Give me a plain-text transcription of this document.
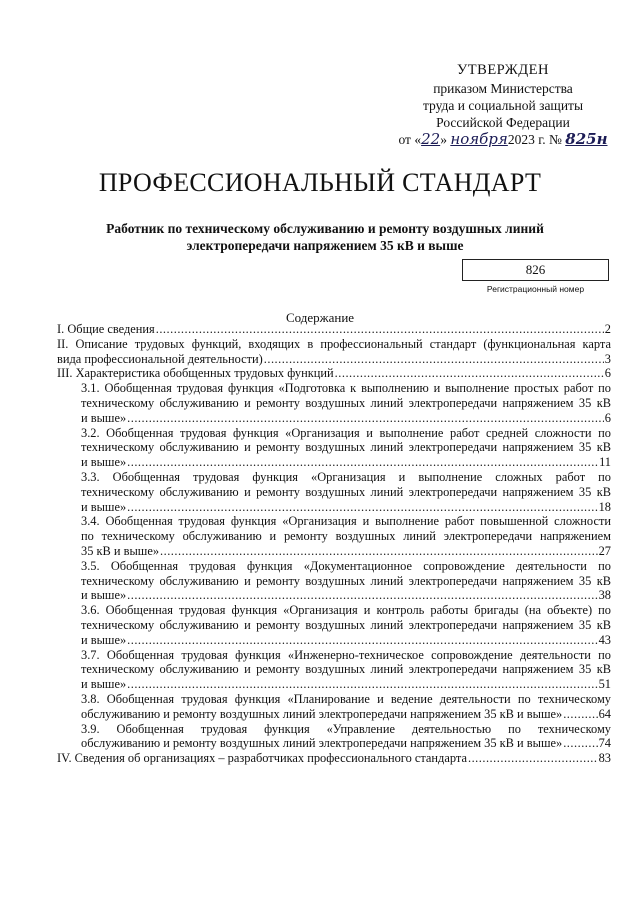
УТВЕРЖДЕН
приказом Министерства
труда и социальной защиты
Российской Федерации
от «22» ноября2023 г. № 825н
ПРОФЕССИОНАЛЬНЫЙ СТАНДАРТ
Работник по техническому обслуживанию и ремонту воздушных линий
электропередачи напряжением 35 кВ и выше
826
Регистрационный номер
Содержание
I. Общие сведения .....	2
II. Описание трудовых функций, входящих в профессиональный стандарт (функциональная карта
вида профессиональной деятельности) .....	3
III. Характеристика обобщенных трудовых функций .....	6
3.1. Обобщенная трудовая функция «Подготовка к выполнению и выполнение простых работ по
техническому обслуживанию и ремонту воздушных линий электропередачи напряжением 35 кВ
и выше» .....	6
3.2. Обобщенная трудовая функция «Организация и выполнение работ средней сложности по
техническому обслуживанию и ремонту воздушных линий электропередачи напряжением 35 кВ
и выше» .....	11
3.3. Обобщенная трудовая функция «Организация и выполнение сложных работ по
техническому обслуживанию и ремонту воздушных линий электропередачи напряжением 35 кВ
и выше» .....	18
3.4. Обобщенная трудовая функция «Организация и выполнение работ повышенной сложности
по техническому обслуживанию и ремонту воздушных линий электропередачи напряжением
35 кВ и выше» .....	27
3.5. Обобщенная трудовая функция «Документационное сопровождение деятельности по
техническому обслуживанию и ремонту воздушных линий электропередачи напряжением 35 кВ
и выше» .....	38
3.6. Обобщенная трудовая функция «Организация и контроль работы бригады (на объекте) по
техническому обслуживанию и ремонту воздушных линий электропередачи напряжением 35 кВ
и выше» .....	43
3.7. Обобщенная трудовая функция «Инженерно-техническое сопровождение деятельности по
техническому обслуживанию и ремонту воздушных линий электропередачи напряжением 35 кВ
и выше» .....	51
3.8. Обобщенная трудовая функция «Планирование и ведение деятельности по техническому
обслуживанию и ремонту воздушных линий электропередачи напряжением 35 кВ и выше» .....	64
3.9. Обобщенная трудовая функция «Управление деятельностью по техническому
обслуживанию и ремонту воздушных линий электропередачи напряжением 35 кВ и выше» .....	74
IV. Сведения об организациях – разработчиках профессионального стандарта .....	83
